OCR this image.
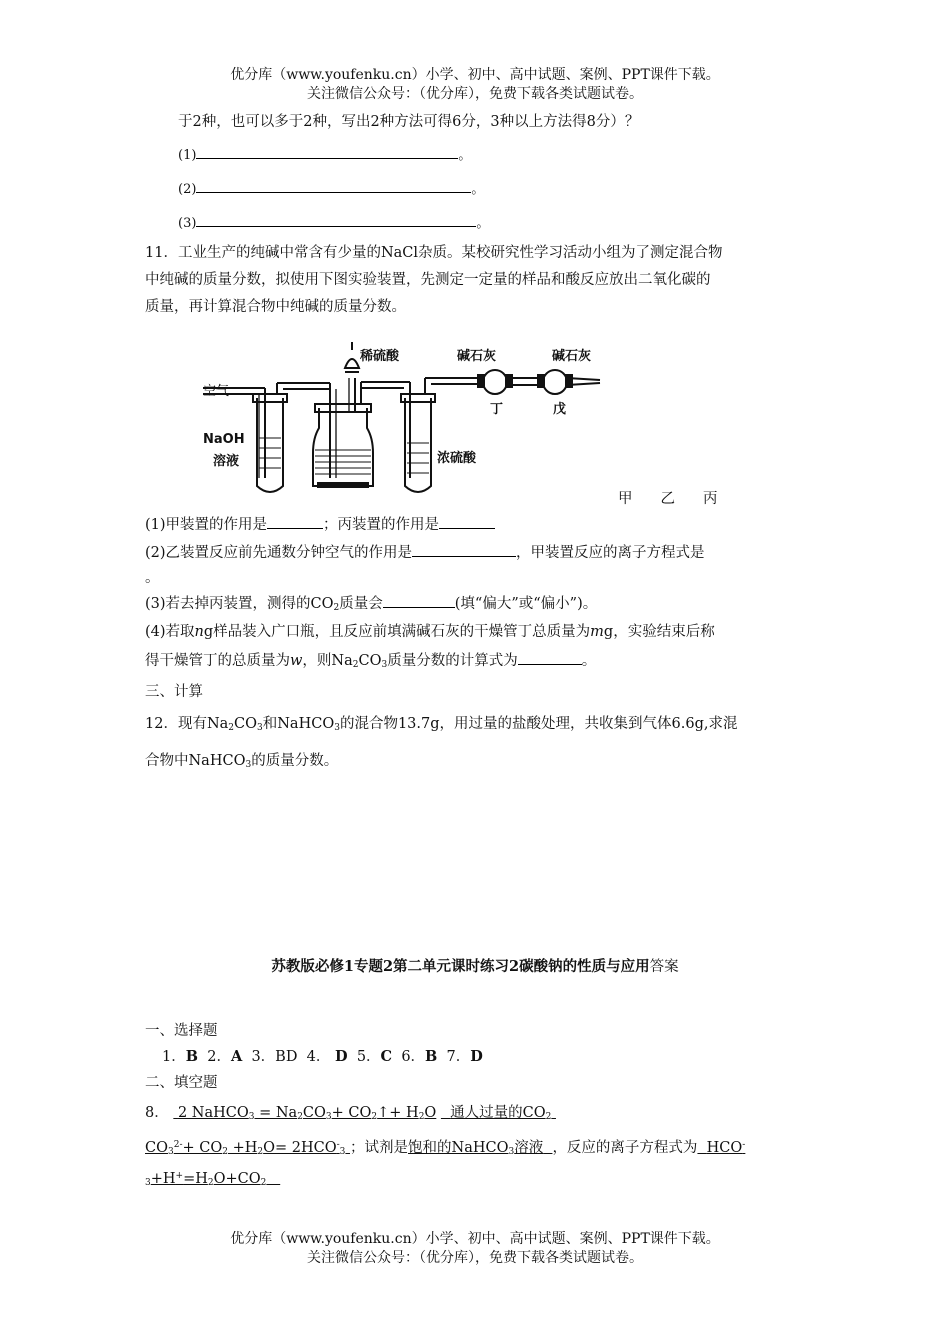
优分库（www.youfenku.cn）小学、初中、高中试题、案例、PPT课件下载。
关注微信公众号：（优分库），免费下载各类试题试卷。
于2种，也可以多于2种，写出2种方法可得6分，3种以上方法得8分）？
(1)	。
(2)	。
(3)	。
11．工业生产的纯碱中常含有少量的NaCl杂质。某校研究性学习活动小组为了测定混合物
中纯碱的质量分数，拟使用下图实验装置，先测定一定量的样品和酸反应放出二氧化碳的
质量，再计算混合物中纯碱的质量分数。
空气
NaOH
溶液
稀硫酸	碱石灰	碱石灰
丁	戊
浓硫酸
甲 乙 丙
(1)甲装置的作用是	；丙装置的作用是
(2)乙装置反应前先通数分钟空气的作用是	，甲装置反应的离子方程式是
。
(3)若去掉丙装置，测得的$CO_2$质量会	(填“偏大”或“偏小”)。
(4)若取ng样品装入广口瓶，且反应前填满碱石灰的干燥管丁总质量为mg，实验结束后称
得干燥管丁的总质量为w，则$Na_2CO_3$质量分数的计算式为	。
三、计算
12．现有$Na_2CO_3$和NaHCO$_3$的混合物13.7g，用过量的盐酸处理，共收集到气体6.6g,求混
合物中NaHCO$_3$的质量分数。
苏教版必修1专题2第二单元课时练习2碳酸钠的性质与应用答案
一、选择题
1．B 2．A 3．BD 4． D 5．C 6．B 7．D
二、填空题
8． 2 NaHCO$_3$ = $Na_2CO_3+$ $CO_2↑+ H_2O$ 通人过量的$CO_2$
$CO_3^{2-}+ CO_2 +H_2O= 2HCO^-_3$ ；试剂是饱和的NaHCO$_3$溶液 ，反应的离子方程式为 HCO-
$_3+H^+=H_2O+CO_2$
优分库（www.youfenku.cn）小学、初中、高中试题、案例、PPT课件下载。
关注微信公众号：（优分库），免费下载各类试题试卷。
